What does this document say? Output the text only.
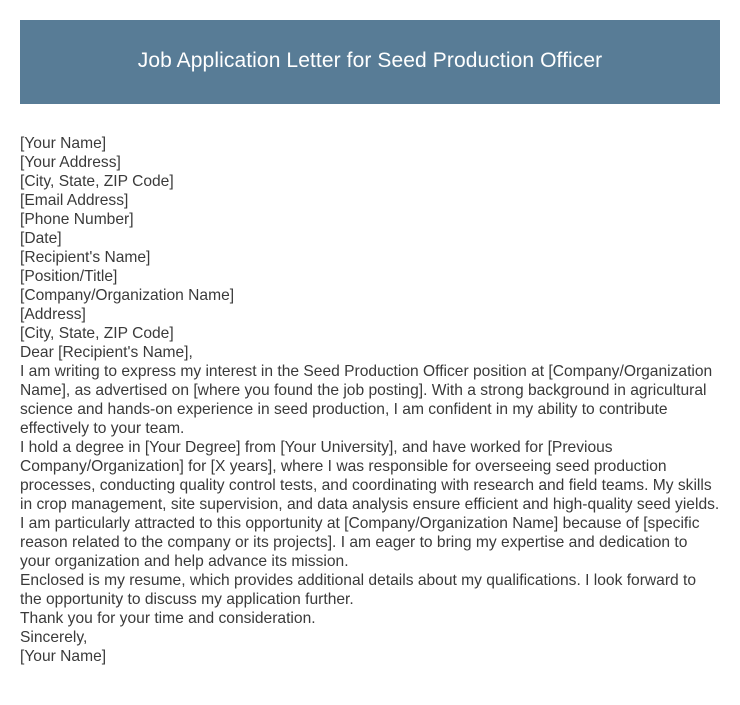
Job Application Letter for Seed Production Officer
[Your Name]
[Your Address]
[City, State, ZIP Code]
[Email Address]
[Phone Number]
[Date]
[Recipient's Name]
[Position/Title]
[Company/Organization Name]
[Address]
[City, State, ZIP Code]
Dear [Recipient's Name],
I am writing to express my interest in the Seed Production Officer position at [Company/Organization Name], as advertised on [where you found the job posting]. With a strong background in agricultural science and hands-on experience in seed production, I am confident in my ability to contribute effectively to your team.
I hold a degree in [Your Degree] from [Your University], and have worked for [Previous Company/Organization] for [X years], where I was responsible for overseeing seed production processes, conducting quality control tests, and coordinating with research and field teams. My skills in crop management, site supervision, and data analysis ensure efficient and high-quality seed yields.
I am particularly attracted to this opportunity at [Company/Organization Name] because of [specific reason related to the company or its projects]. I am eager to bring my expertise and dedication to your organization and help advance its mission.
Enclosed is my resume, which provides additional details about my qualifications. I look forward to the opportunity to discuss my application further.
Thank you for your time and consideration.
Sincerely,
[Your Name]
